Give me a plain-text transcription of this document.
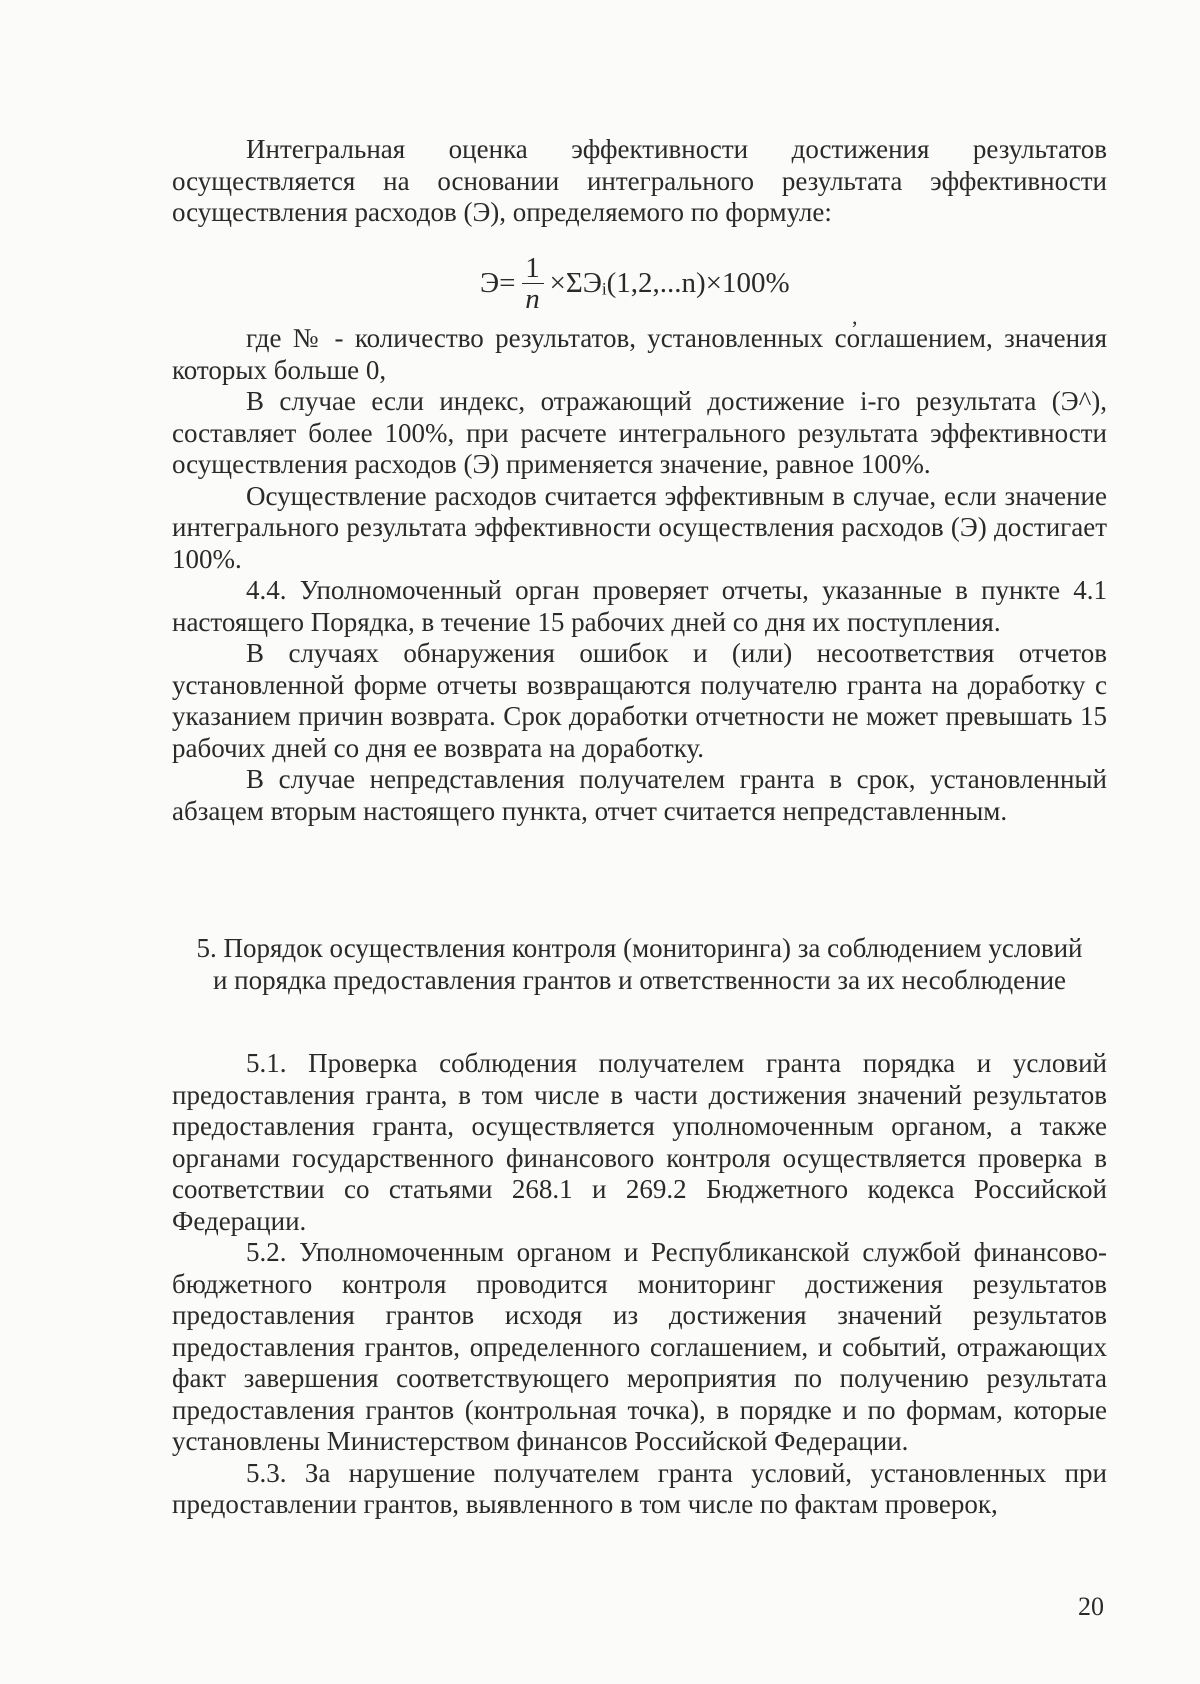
Интегральная оценка эффективности достижения результатов осуществляется на основании интегрального результата эффективности осуществления расходов (Э), определяемого по формуле:

$Э= \frac{1}{n}$ ×ΣЭᵢ(1,2,...n)×100%
,

где № - количество результатов, установленных соглашением, значения которых больше 0,

В случае если индекс, отражающий достижение i-го результата (Э^), составляет более 100%, при расчете интегрального результата эффективности осуществления расходов (Э) применяется значение, равное 100%.

Осуществление расходов считается эффективным в случае, если значение интегрального результата эффективности осуществления расходов (Э) достигает 100%.

4.4. Уполномоченный орган проверяет отчеты, указанные в пункте 4.1 настоящего Порядка, в течение 15 рабочих дней со дня их поступления.

В случаях обнаружения ошибок и (или) несоответствия отчетов установленной форме отчеты возвращаются получателю гранта на доработку с указанием причин возврата. Срок доработки отчетности не может превышать 15 рабочих дней со дня ее возврата на доработку.

В случае непредставления получателем гранта в срок, установленный абзацем вторым настоящего пункта, отчет считается непредставленным.

5. Порядок осуществления контроля (мониторинга) за соблюдением условий
и порядка предоставления грантов и ответственности за их несоблюдение

5.1. Проверка соблюдения получателем гранта порядка и условий предоставления гранта, в том числе в части достижения значений результатов предоставления гранта, осуществляется уполномоченным органом, а также органами государственного финансового контроля осуществляется проверка в соответствии со статьями 268.1 и 269.2 Бюджетного кодекса Российской Федерации.

5.2. Уполномоченным органом и Республиканской службой финансово-бюджетного контроля проводится мониторинг достижения результатов предоставления грантов исходя из достижения значений результатов предоставления грантов, определенного соглашением, и событий, отражающих факт завершения соответствующего мероприятия по получению результата предоставления грантов (контрольная точка), в порядке и по формам, которые установлены Министерством финансов Российской Федерации.

5.3. За нарушение получателем гранта условий, установленных при предоставлении грантов, выявленного в том числе по фактам проверок,

20
